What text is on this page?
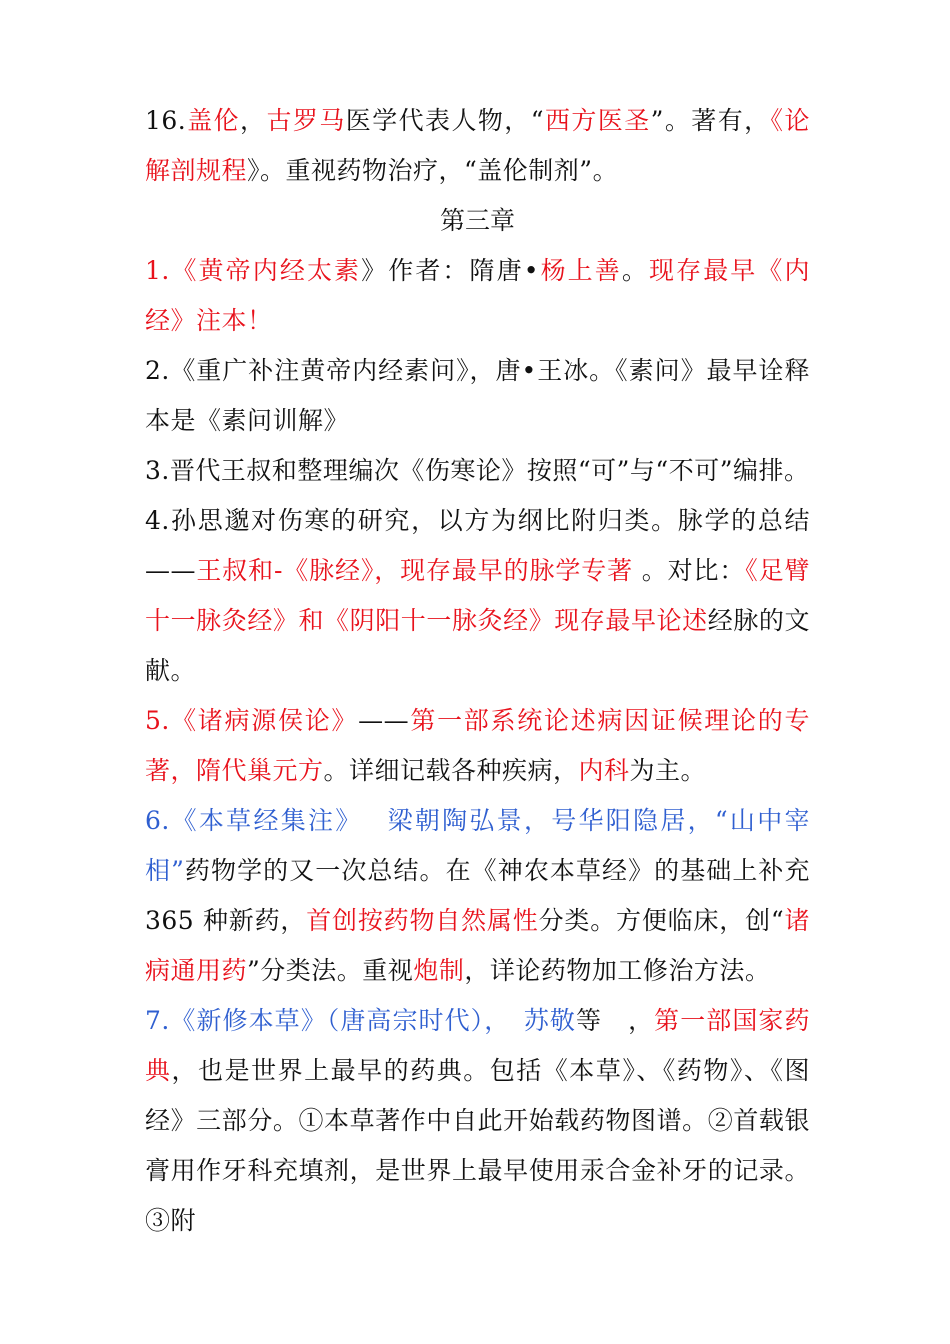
16.盖伦，古罗马医学代表人物，“西方医圣”。著有，《论解剖规程》。重视药物治疗，“盖伦制剂”。

第三章

1.《黄帝内经太素》作者：隋唐•杨上善。现存最早《内经》注本！

2.《重广补注黄帝内经素问》，唐•王冰。《素问》最早诠释本是《素问训解》

3.晋代王叔和整理编次《伤寒论》按照“可”与“不可”编排。

4.孙思邈对伤寒的研究，以方为纲比附归类。脉学的总结——王叔和-《脉经》，现存最早的脉学专著 。对比：《足臂十一脉灸经》和《阴阳十一脉灸经》现存最早论述经脉的文献。

5.《诸病源侯论》——第一部系统论述病因证候理论的专著，隋代巢元方。详细记载各种疾病，内科为主。

6.《本草经集注》　 梁朝陶弘景，号华阳隐居，“山中宰相”药物学的又一次总结。在《神农本草经》的基础上补充 365 种新药，首创按药物自然属性分类。方便临床，创“诸病通用药”分类法。重视炮制，详论药物加工修治方法。

7.《新修本草》（唐高宗时代），　苏敬等　，第一部国家药典，也是世界上最早的药典。包括《本草》、《药物》、《图经》三部分。①本草著作中自此开始载药物图谱。②首载银膏用作牙科充填剂，是世界上最早使用汞合金补牙的记录。③附
